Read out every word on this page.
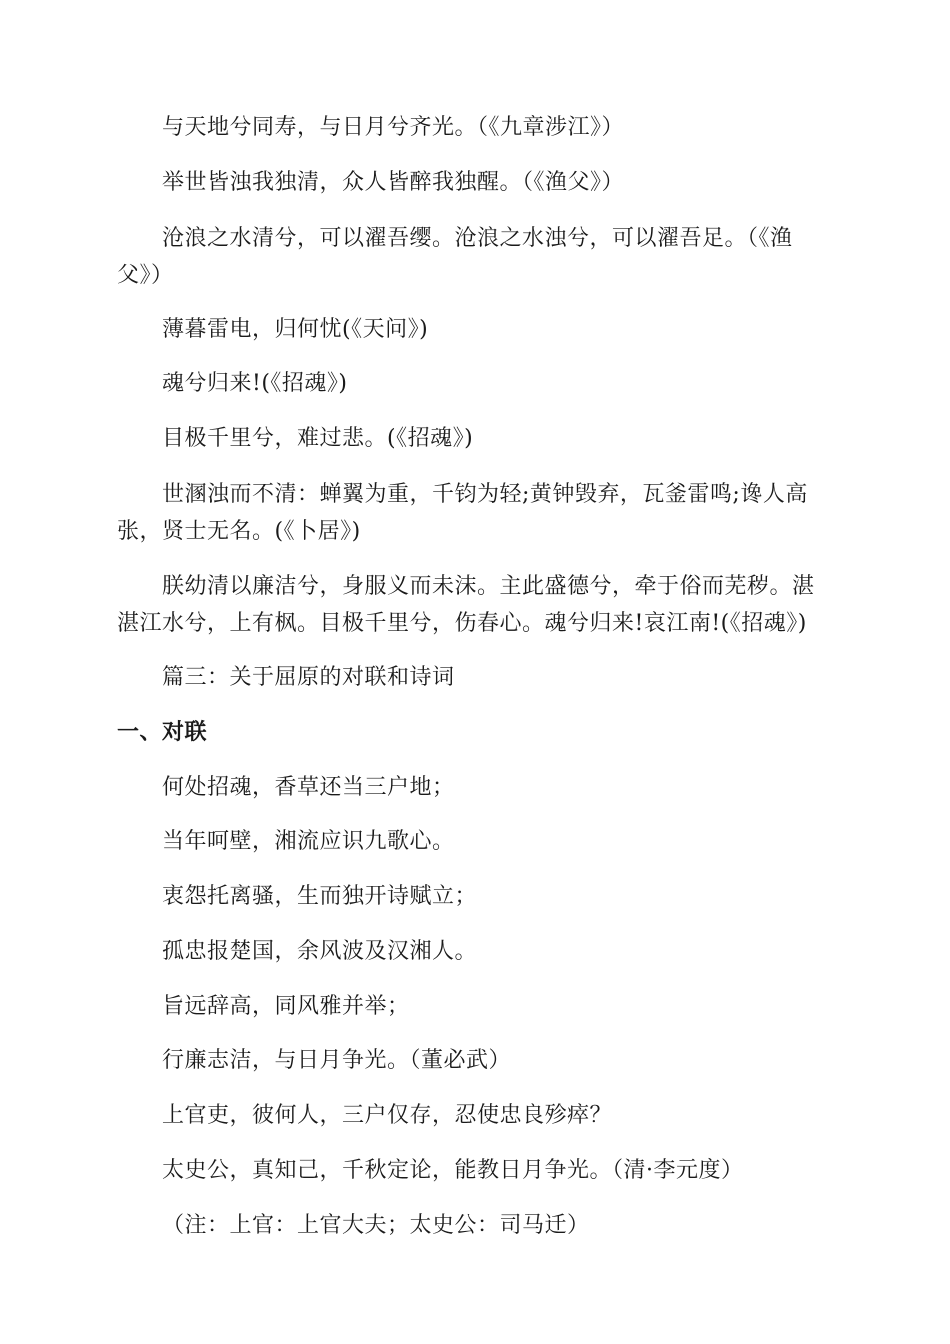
与天地兮同寿，与日月兮齐光。（《九章涉江》）
举世皆浊我独清，众人皆醉我独醒。（《渔父》）
沧浪之水清兮，可以濯吾缨。沧浪之水浊兮，可以濯吾足。（《渔父》）
薄暮雷电，归何忧(《天问》)
魂兮归来!(《招魂》)
目极千里兮，难过悲。(《招魂》)
世溷浊而不清：蝉翼为重，千钧为轻;黄钟毁弃，瓦釜雷鸣;谗人高张，贤士无名。(《卜居》)
朕幼清以廉洁兮，身服义而未沫。主此盛德兮，牵于俗而芜秽。湛湛江水兮，上有枫。目极千里兮，伤春心。魂兮归来!哀江南!(《招魂》)
篇三：关于屈原的对联和诗词
一、对联
何处招魂，香草还当三户地；
当年呵壁，湘流应识九歌心。
衷怨托离骚，生而独开诗赋立；
孤忠报楚国，余风波及汉湘人。
旨远辞高，同风雅并举；
行廉志洁，与日月争光。（董必武）
上官吏，彼何人，三户仅存，忍使忠良殄瘁？
太史公，真知己，千秋定论，能教日月争光。（清·李元度）
（注：上官：上官大夫；太史公：司马迁）
